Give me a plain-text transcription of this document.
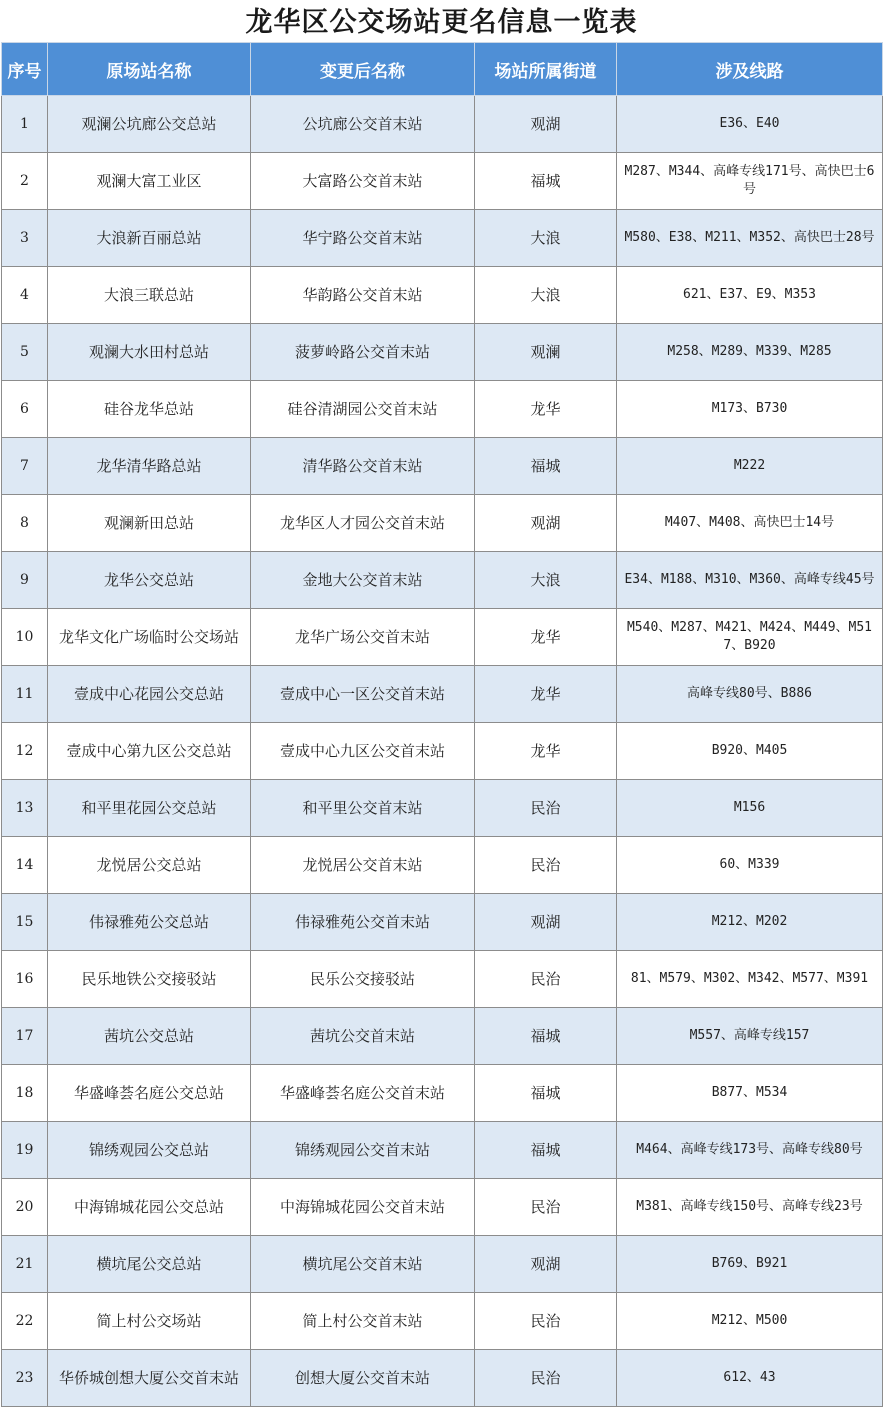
龙华区公交场站更名信息一览表
序号	原场站名称	变更后名称	场站所属街道	涉及线路
1	观澜公坑廊公交总站	公坑廊公交首末站	观湖	E36、E40
2	观澜大富工业区	大富路公交首末站	福城	M287、M344、高峰专线171号、高快巴士6号
3	大浪新百丽总站	华宁路公交首末站	大浪	M580、E38、M211、M352、高快巴士28号
4	大浪三联总站	华韵路公交首末站	大浪	621、E37、E9、M353
5	观澜大水田村总站	菠萝岭路公交首末站	观澜	M258、M289、M339、M285
6	硅谷龙华总站	硅谷清湖园公交首末站	龙华	M173、B730
7	龙华清华路总站	清华路公交首末站	福城	M222
8	观澜新田总站	龙华区人才园公交首末站	观湖	M407、M408、高快巴士14号
9	龙华公交总站	金地大公交首末站	大浪	E34、M188、M310、M360、高峰专线45号
10	龙华文化广场临时公交场站	龙华广场公交首末站	龙华	M540、M287、M421、M424、M449、M517、B920
11	壹成中心花园公交总站	壹成中心一区公交首末站	龙华	高峰专线80号、B886
12	壹成中心第九区公交总站	壹成中心九区公交首末站	龙华	B920、M405
13	和平里花园公交总站	和平里公交首末站	民治	M156
14	龙悦居公交总站	龙悦居公交首末站	民治	60、M339
15	伟禄雅苑公交总站	伟禄雅苑公交首末站	观湖	M212、M202
16	民乐地铁公交接驳站	民乐公交接驳站	民治	81、M579、M302、M342、M577、M391
17	茜坑公交总站	茜坑公交首末站	福城	M557、高峰专线157
18	华盛峰荟名庭公交总站	华盛峰荟名庭公交首末站	福城	B877、M534
19	锦绣观园公交总站	锦绣观园公交首末站	福城	M464、高峰专线173号、高峰专线80号
20	中海锦城花园公交总站	中海锦城花园公交首末站	民治	M381、高峰专线150号、高峰专线23号
21	横坑尾公交总站	横坑尾公交首末站	观湖	B769、B921
22	简上村公交场站	简上村公交首末站	民治	M212、M500
23	华侨城创想大厦公交首末站	创想大厦公交首末站	民治	612、43
